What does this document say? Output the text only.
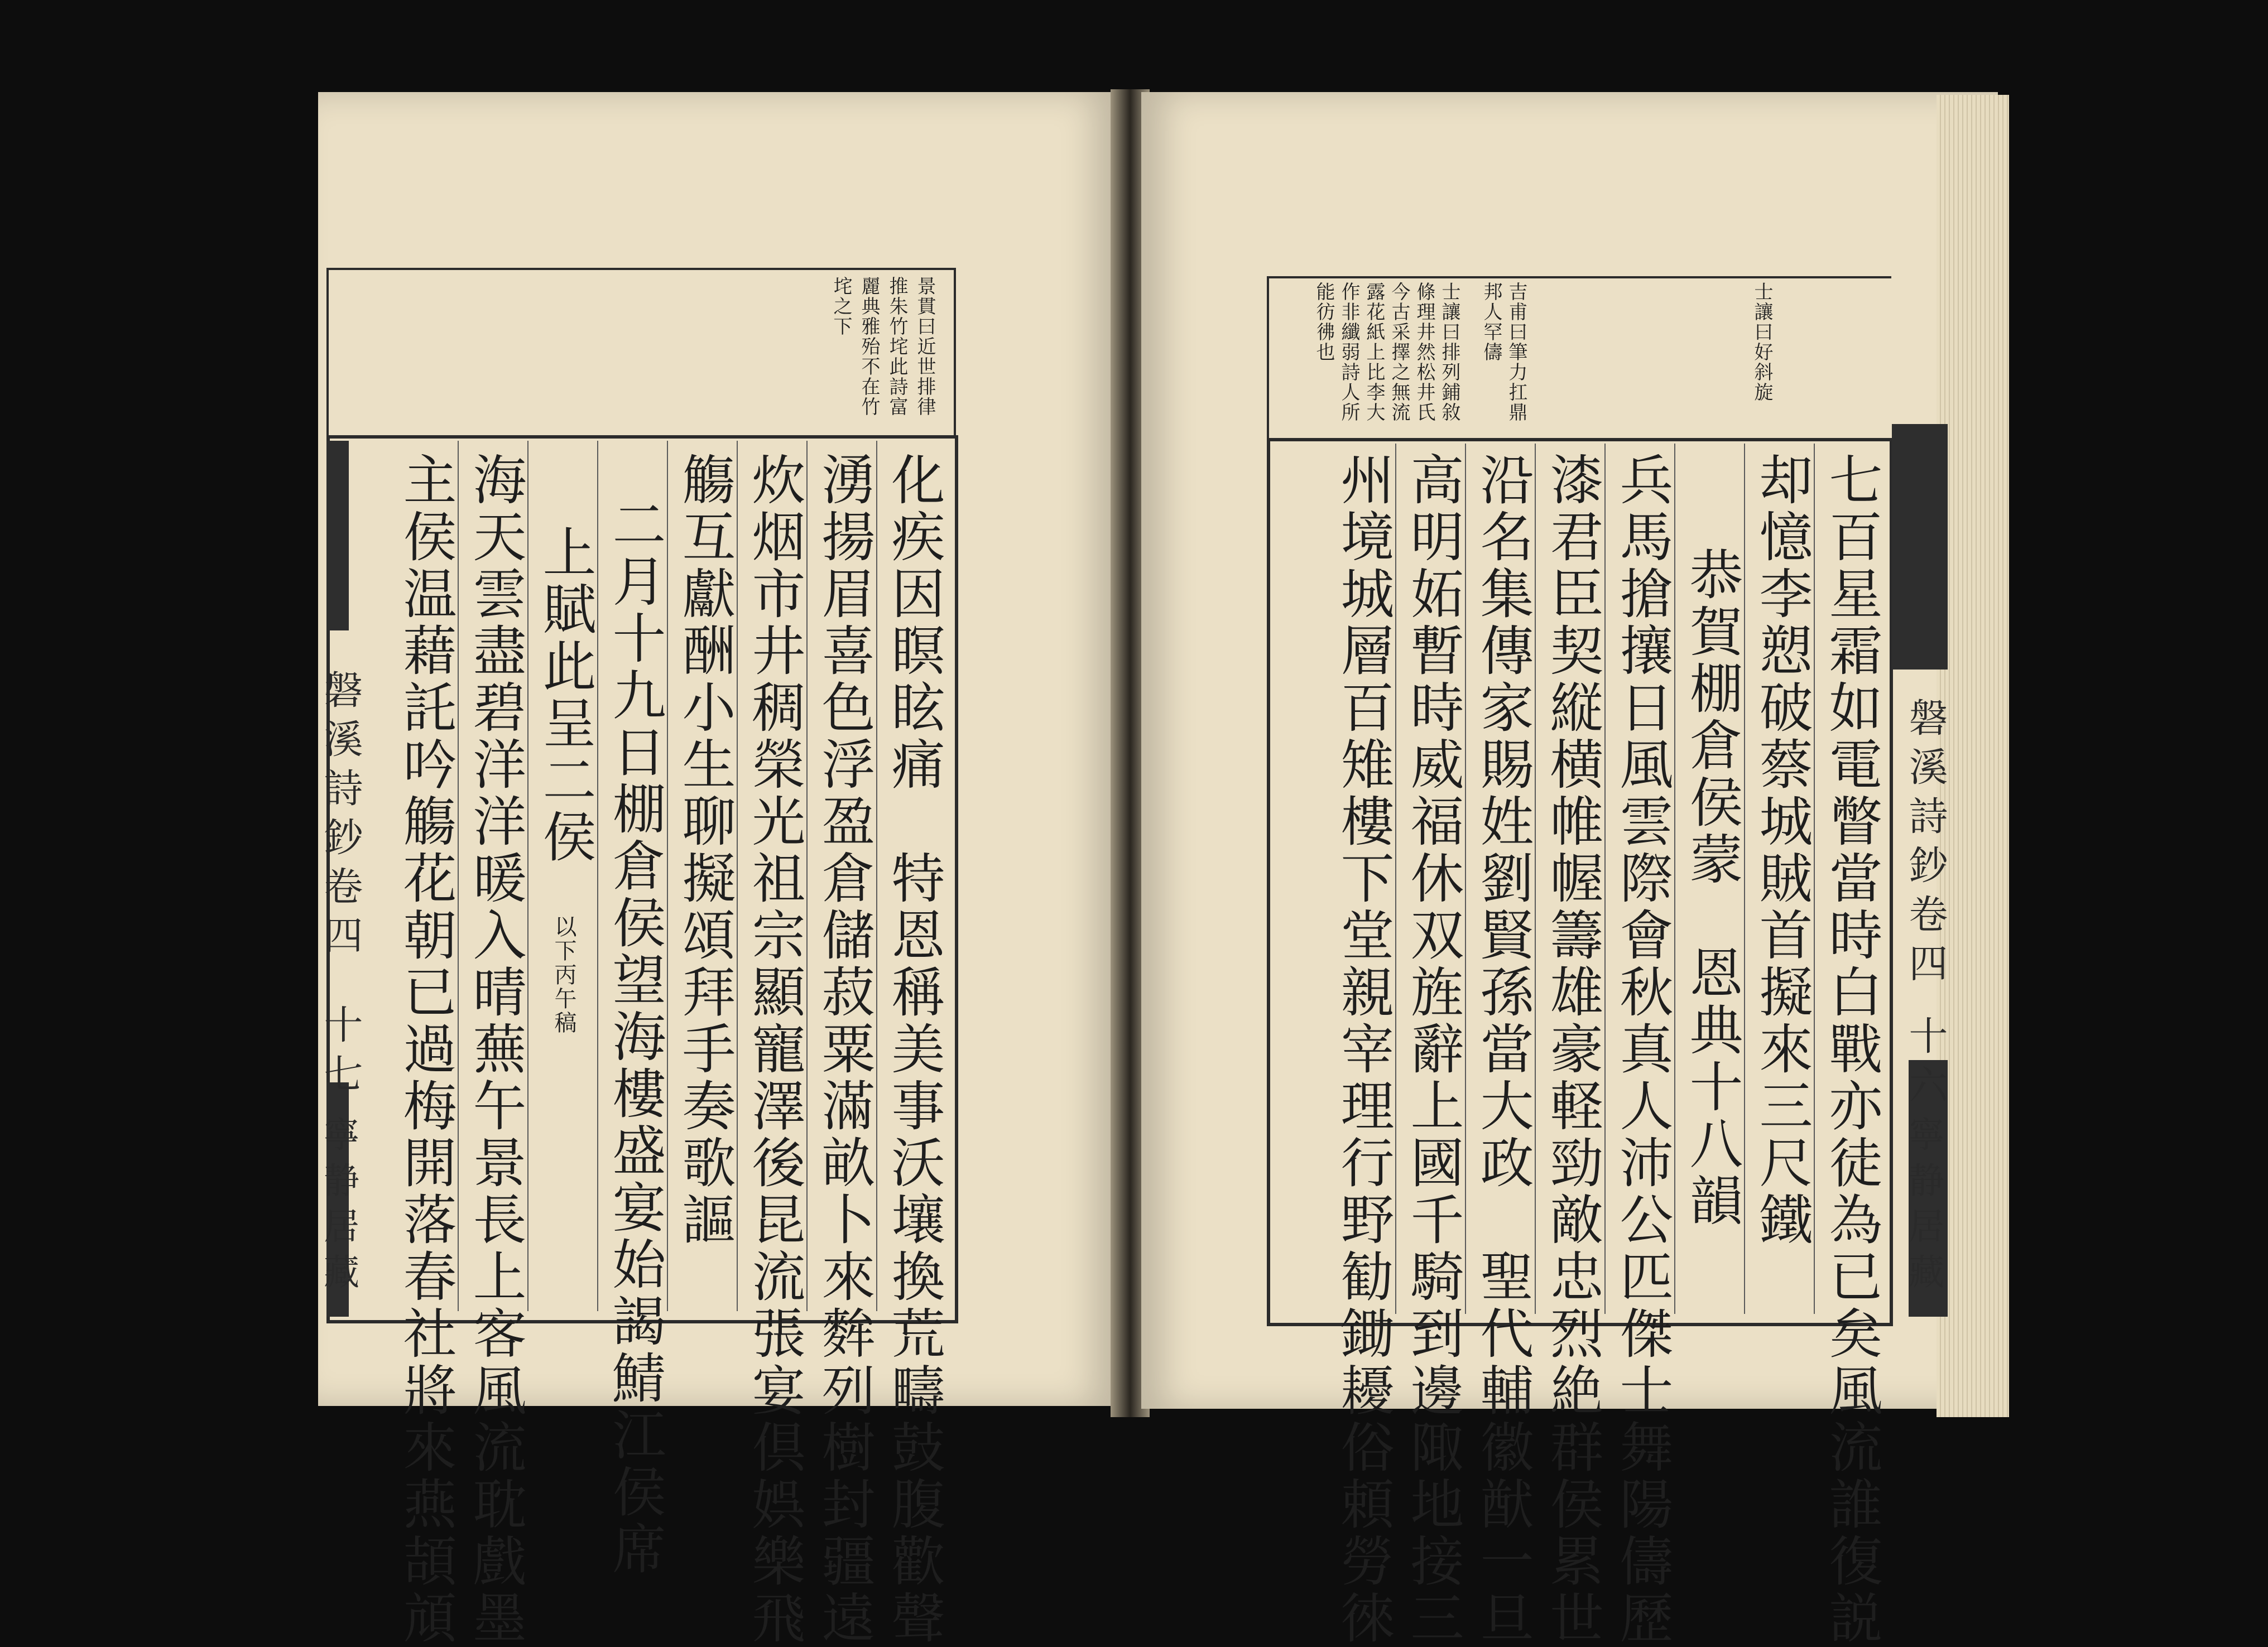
景貫曰近世排律
推朱竹垞此詩富
麗典雅殆不在竹
垞之下
磐溪詩鈔卷四
十七
寧静居藏	化疾因瞑眩痛　特恩稱美事沃壤換荒疇鼓腹歡聲
湧揚眉喜色浮盈倉儲菽粟滿畝卜來麰列樹封疆遠
炊烟市井稠榮光祖宗顯寵澤後昆流張宴倶娯樂飛
觴互獻酬小生聊擬頌拜手奏歌謳
二月十九日棚倉侯望海樓盛宴始謁鯖江侯席
上賦此呈二侯
以下丙午稿
海天雲盡碧洋洋暖入晴蕪午景長上客風流耽戲墨
主侯温藉託吟觴花朝已過梅開落春社將來燕頡頏
士讓曰好斜旋
吉甫曰筆力扛鼎
邦人罕儔
士讓曰排列鋪敘
條理井然松井氏
今古采擇之無流
露花紙上比李大
作非纖弱詩人所
能彷彿也
磐溪詩鈔卷四
十六
寧静居藏
七百星霜如電瞥當時白戰亦徒為已矣風流誰復説
却憶李愬破蔡城賊首擬來三尺鐵
恭賀棚倉侯蒙　恩典十八韻
兵馬搶攘日風雲際會秋真人沛公匹傑士舞陽儔歷
漆君臣契縦横帷幄籌雄豪軽勁敵忠烈絶群侯累世
沿名集傳家賜姓劉賢孫當大政　聖代輔徽猷一旦
高明妬暫時威福休双旌辭上國千騎到邊陬地接三
州境城層百雉樓下堂親宰理行野勧鋤耰俗頼勞徠
